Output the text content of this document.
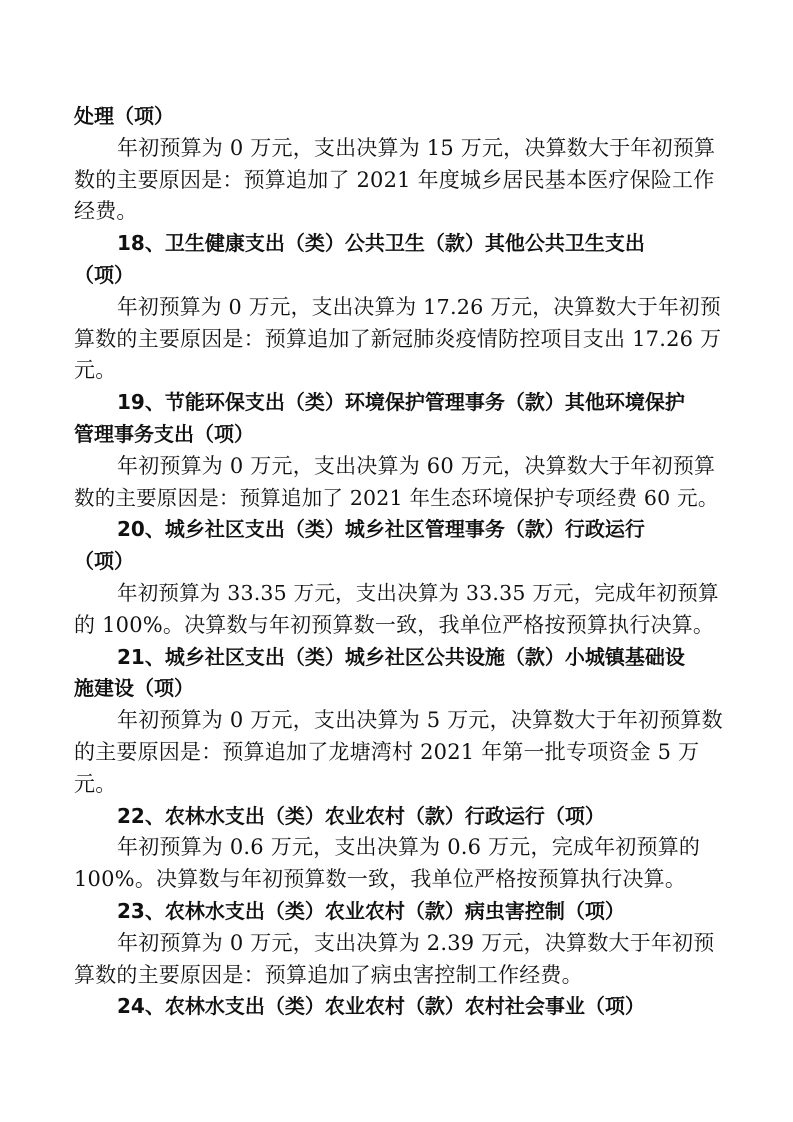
处理（项）
年初预算为 0 万元，支出决算为 15 万元，决算数大于年初预算
数的主要原因是：预算追加了 2021 年度城乡居民基本医疗保险工作
经费。
18、卫生健康支出（类）公共卫生（款）其他公共卫生支出
（项）
年初预算为 0 万元，支出决算为 17.26 万元，决算数大于年初预
算数的主要原因是：预算追加了新冠肺炎疫情防控项目支出 17.26 万
元。
19、节能环保支出（类）环境保护管理事务（款）其他环境保护
管理事务支出（项）
年初预算为 0 万元，支出决算为 60 万元，决算数大于年初预算
数的主要原因是：预算追加了 2021 年生态环境保护专项经费 60 元。
20、城乡社区支出（类）城乡社区管理事务（款）行政运行
（项）
年初预算为 33.35 万元，支出决算为 33.35 万元，完成年初预算
的 100%。决算数与年初预算数一致，我单位严格按预算执行决算。
21、城乡社区支出（类）城乡社区公共设施（款）小城镇基础设
施建设（项）
年初预算为 0 万元，支出决算为 5 万元，决算数大于年初预算数
的主要原因是：预算追加了龙塘湾村 2021 年第一批专项资金 5 万
元。
22、农林水支出（类）农业农村（款）行政运行（项）
年初预算为 0.6 万元，支出决算为 0.6 万元，完成年初预算的
100%。决算数与年初预算数一致，我单位严格按预算执行决算。
23、农林水支出（类）农业农村（款）病虫害控制（项）
年初预算为 0 万元，支出决算为 2.39 万元，决算数大于年初预
算数的主要原因是：预算追加了病虫害控制工作经费。
24、农林水支出（类）农业农村（款）农村社会事业（项）
